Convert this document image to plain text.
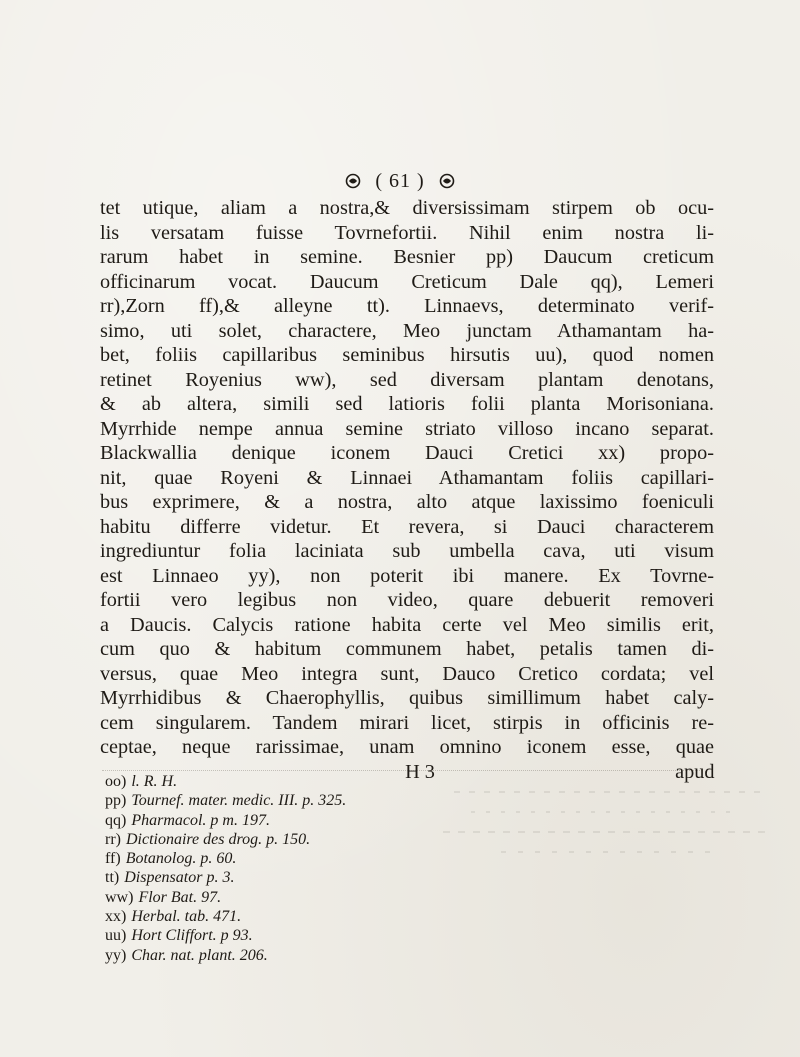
( 61 )
tet utique, aliam a nostra,& diversissimam stirpem ob ocu-
lis versatam fuisse Tovrnefortii. Nihil enim nostra li-
rarum habet in semine. Besnier pp) Daucum creticum
officinarum vocat. Daucum Creticum Dale qq), Lemeri
rr),Zorn ff),& alleyne tt). Linnaevs, determinato verif-
simo, uti solet, charactere, Meo junctam Athamantam ha-
bet, foliis capillaribus seminibus hirsutis uu), quod nomen
retinet Royenius ww), sed diversam plantam denotans,
& ab altera, simili sed latioris folii planta Morisoniana.
Myrrhide nempe annua semine striato villoso incano separat.
Blackwallia denique iconem Dauci Cretici xx) propo-
nit, quae Royeni & Linnaei Athamantam foliis capillari-
bus exprimere, & a nostra, alto atque laxissimo foeniculi
habitu differre videtur. Et revera, si Dauci characterem
ingrediuntur folia laciniata sub umbella cava, uti visum
est Linnaeo yy), non poterit ibi manere. Ex Tovrne-
fortii vero legibus non video, quare debuerit removeri
a Daucis. Calycis ratione habita certe vel Meo similis erit,
cum quo & habitum communem habet, petalis tamen di-
versus, quae Meo integra sunt, Dauco Cretico cordata; vel
Myrrhidibus & Chaerophyllis, quibus simillimum habet caly-
cem singularem. Tandem mirari licet, stirpis in officinis re-
ceptae, neque rarissimae, unam omnino iconem esse, quae
H 3	apud
oo) l. R. H.
pp) Tournef. mater. medic. III. p. 325.
qq) Pharmacol. p m. 197.
rr) Dictionaire des drog. p. 150.
ff) Botanolog. p. 60.
tt) Dispensator p. 3.
ww) Flor Bat. 97.
xx) Herbal. tab. 471.
uu) Hort Cliffort. p 93.
yy) Char. nat. plant. 206.
